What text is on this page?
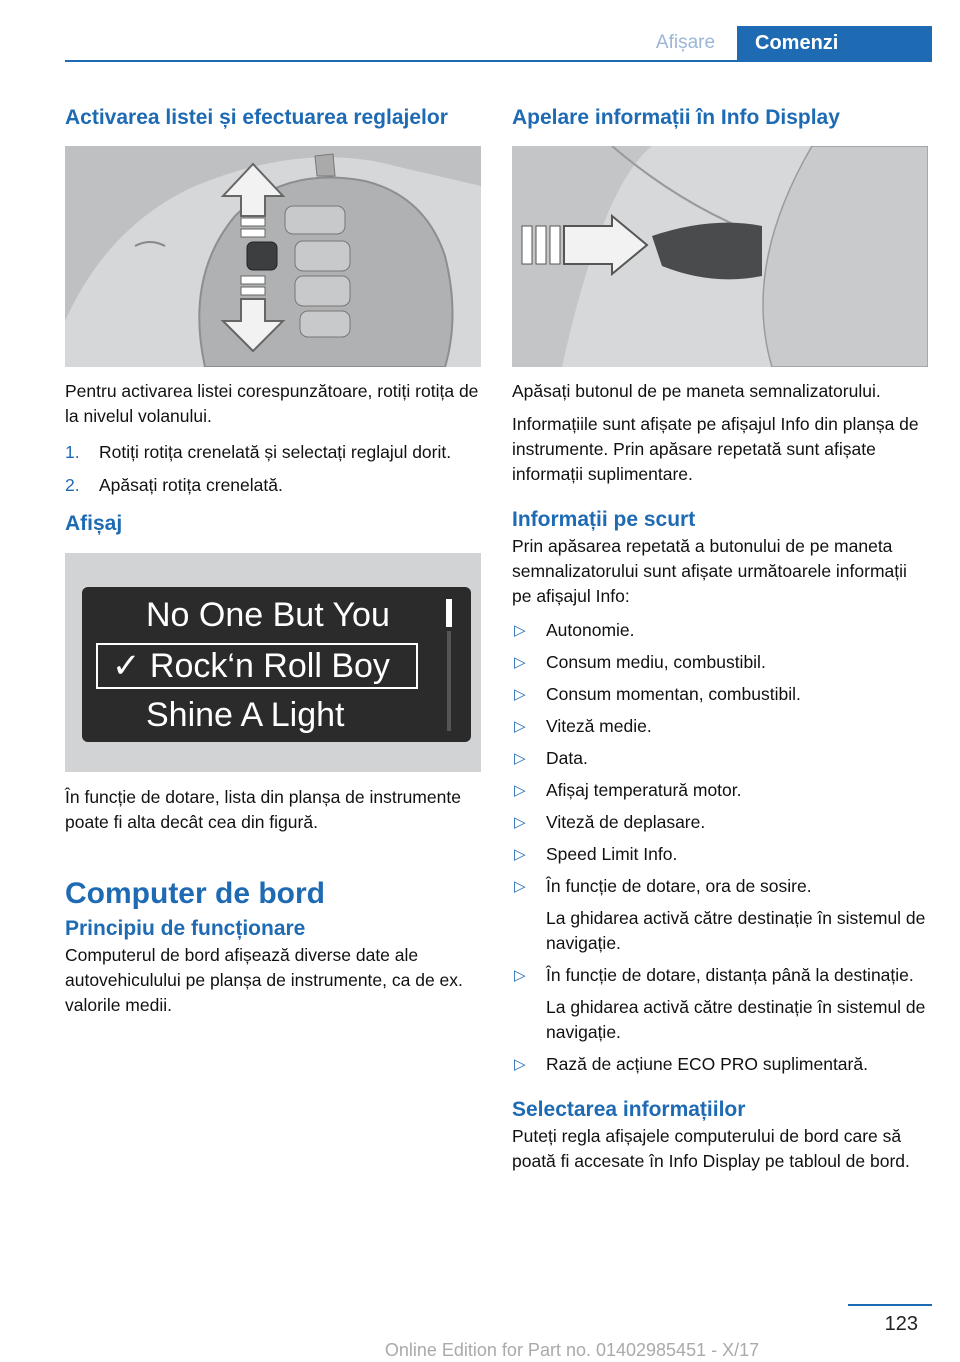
Afișare	Comenzi
Activarea listei și efectuarea reglajelor

Pentru activarea listei corespunzătoare, rotiți rotița de la nivelul volanului.

1. Rotiți rotița crenelată și selectați reglajul dorit.
2. Apăsați rotița crenelată.
Afișaj
No One But You
✓ Rock‘n Roll Boy
Shine A Light

În funcție de dotare, lista din planșa de instrumente poate fi alta decât cea din figură.

Computer de bord
Principiu de funcționare

Computerul de bord afișează diverse date ale autovehiculului pe planșa de instrumente, ca de ex. valorile medii.

Apelare informații în Info Display

Apăsați butonul de pe maneta semnalizatorului.

Informațiile sunt afișate pe afișajul Info din planșa de instrumente. Prin apăsare repetată sunt afișate informații suplimentare.

Informații pe scurt

Prin apăsarea repetată a butonului de pe maneta semnalizatorului sunt afișate următoarele informații pe afișajul Info:

▷ Autonomie.
▷ Consum mediu, combustibil.
▷ Consum momentan, combustibil.
▷ Viteză medie.
▷ Data.
▷ Afișaj temperatură motor.
▷ Viteză de deplasare.
▷ Speed Limit Info.
▷ În funcție de dotare, ora de sosire.
La ghidarea activă către destinație în sistemul de navigație.
▷ În funcție de dotare, distanța până la destinație.
La ghidarea activă către destinație în sistemul de navigație.
▷ Rază de acțiune ECO PRO suplimentară.
Selectarea informațiilor

Puteți regla afișajele computerului de bord care să poată fi accesate în Info Display pe tabloul de bord.

123
Online Edition for Part no. 01402985451 - X/17
